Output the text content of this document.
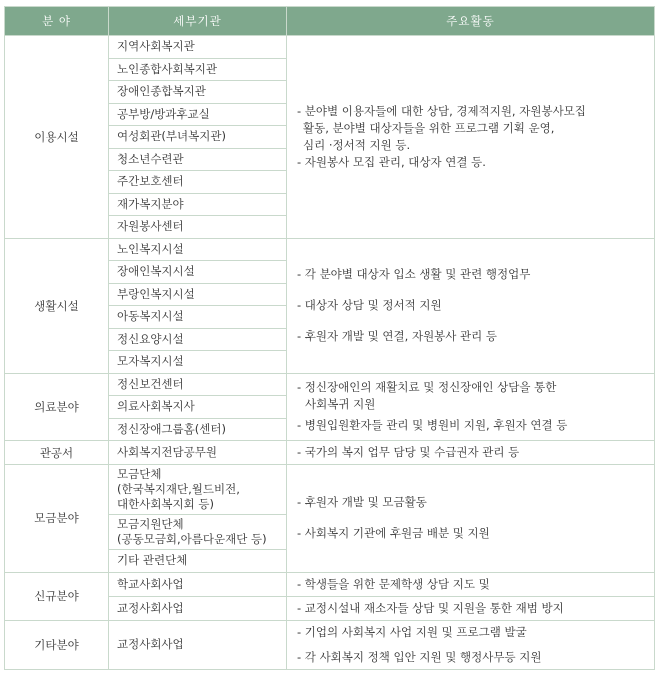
분 야	세부기관	주요활동
이용시설	지역사회복지관	- 분야별 이용자들에 대한 상담, 경제적지원, 자원봉사모집
활동, 분야별 대상자들을 위한 프로그램 기획 운영,
심리 ·정서적 지원 등.
- 자원봉사 모집 관리, 대상자 연결 등.

	노인종합사회복지관	
	장애인종합복지관	
	공부방/방과후교실	
	여성회관(부녀복지관)	
	청소년수련관	
	주간보호센터	
	재가복지분야	
	자원봉사센터	
생활시설	노인복지시설	- 각 분야별 대상자 입소 생활 및 관련 행정업무
- 대상자 상담 및 정서적 지원
- 후원자 개발 및 연결, 자원봉사 관리 등

	장애인복지시설	
	부랑인복지시설	
	아동복지시설	
	정신요양시설	
	모자복지시설	
의료분야	정신보건센터	- 정신장애인의 재활치료 및 정신장애인 상담을 통한
사회복귀 지원
- 병원입원환자들 관리 및 병원비 지원, 후원자 연결 등

	의료사회복지사	
	정신장애그룹홈(센터)	
관공서	사회복지전담공무원	- 국가의 복지 업무 담당 및 수급권자 관리 등

모금분야	모금단체
(한국복지재단,월드비전,
대한사회복지회 등)	- 후원자 개발 및 모금활동
- 사회복지 기관에 후원금 배분 및 지원

	모금지원단체
(공동모금회,아름다운재단 등)	

	기타 관련단체	
신규분야	학교사회사업	- 학생들을 위한 문제학생 상담 지도 및

	교정사회사업	- 교정시설내 재소자들 상담 및 지원을 통한 재범 방지

기타분야	교정사회사업	- 기업의 사회복지 사업 지원 및 프로그램 발굴
- 각 사회복지 정책 입안 지원 및 행정사무등 지원
